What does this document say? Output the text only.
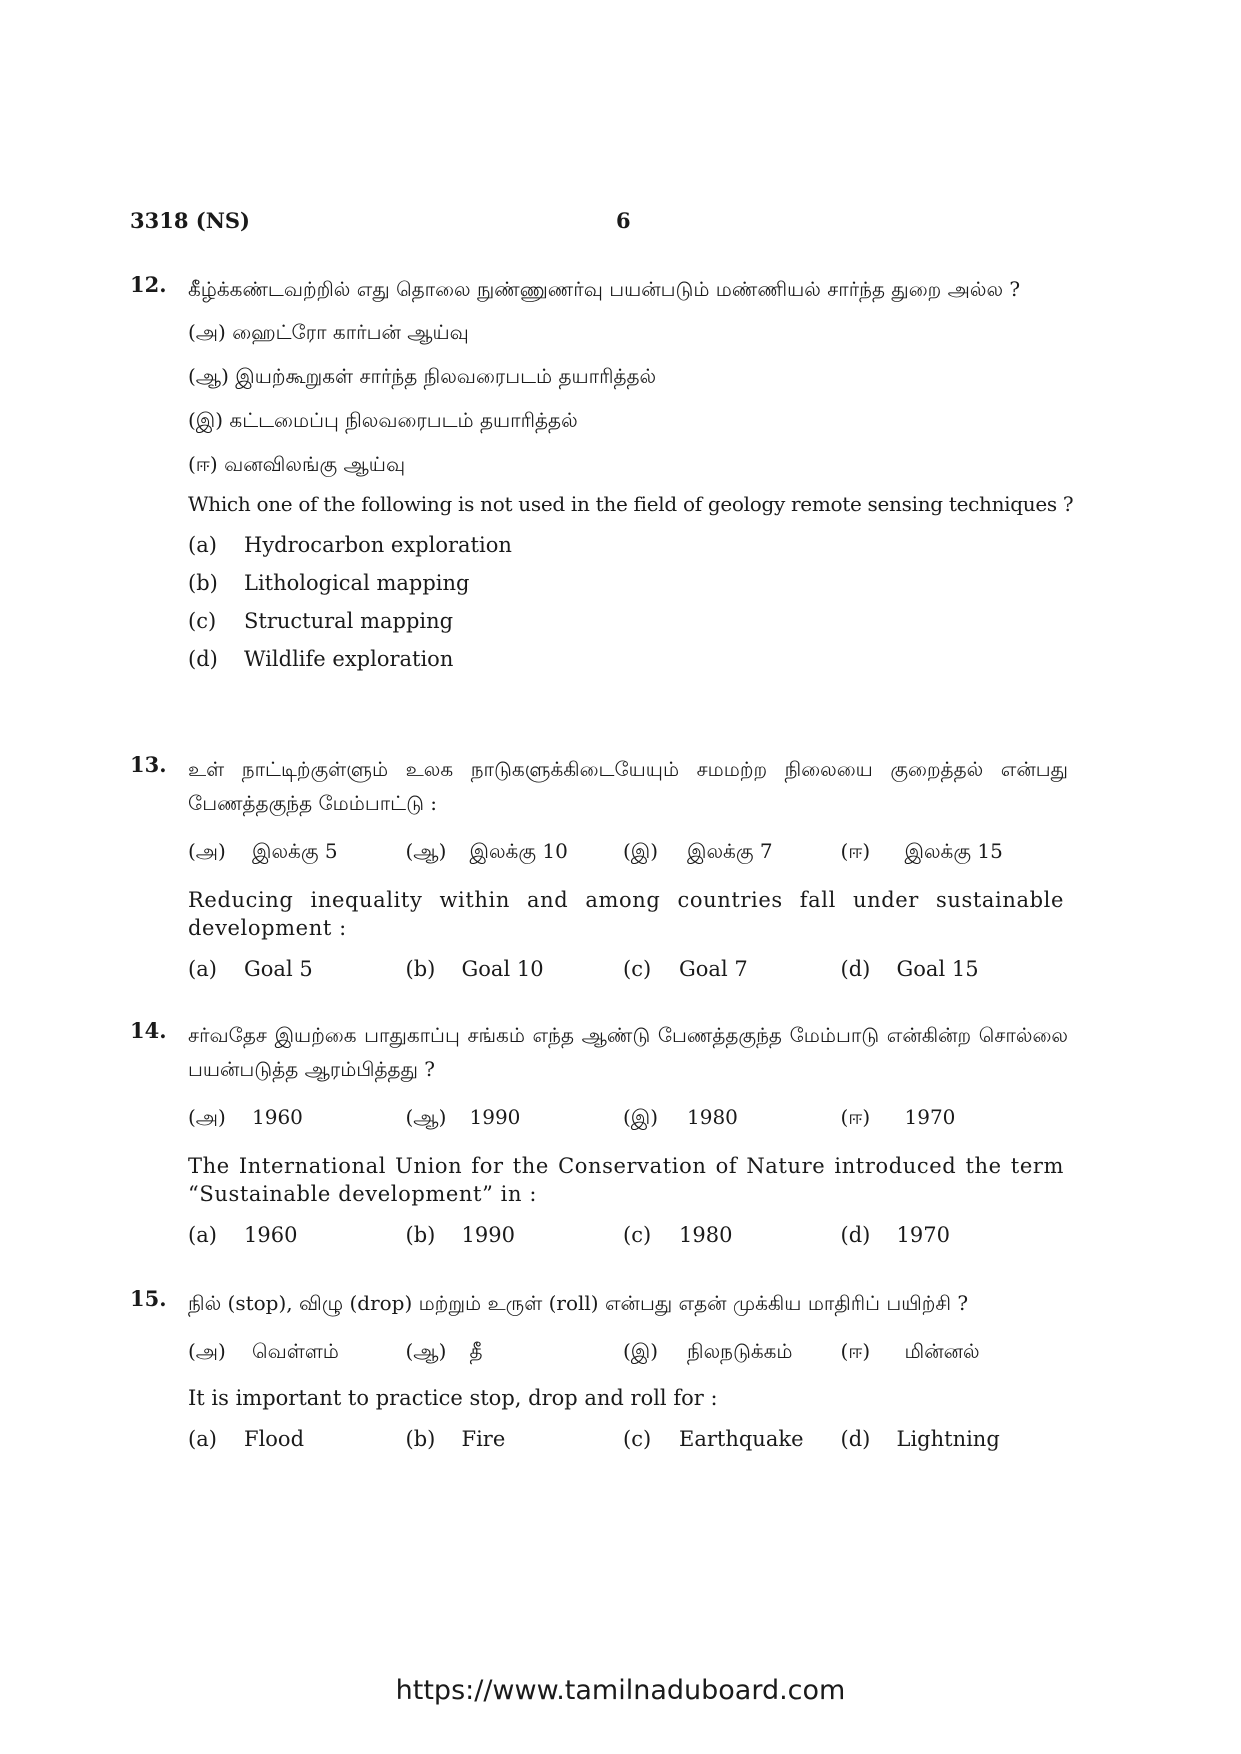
3318 (NS)	6
12. கீழ்க்கண்டவற்றில் எது தொலை நுண்ணுணர்வு பயன்படும் மண்ணியல் சார்ந்த துறை அல்ல ?

(அ) ஹைட்ரோ கார்பன் ஆய்வு

(ஆ) இயற்கூறுகள் சார்ந்த நிலவரைபடம் தயாரித்தல்

(இ) கட்டமைப்பு நிலவரைபடம் தயாரித்தல்

(ஈ) வனவிலங்கு ஆய்வு

Which one of the following is not used in the field of geology remote sensing techniques ?

(a)	Hydrocarbon exploration
(b)	Lithological mapping
(c)	Structural mapping
(d)	Wildlife exploration
13. உள் நாட்டிற்குள்ளும் உலக நாடுகளுக்கிடையேயும் சமமற்ற நிலையை குறைத்தல் என்பது பேணத்தகுந்த மேம்பாட்டு :

(அ)	இலக்கு 5	(ஆ)	இலக்கு 10	(இ)	இலக்கு 7	(ஈ)	இலக்கு 15

Reducing inequality within and among countries fall under sustainable development :

(a)	Goal 5	(b)	Goal 10	(c)	Goal 7	(d)	Goal 15
14. சர்வதேச இயற்கை பாதுகாப்பு சங்கம் எந்த ஆண்டு பேணத்தகுந்த மேம்பாடு என்கின்ற சொல்லை பயன்படுத்த ஆரம்பித்தது ?

(அ)	1960	(ஆ)	1990	(இ)	1980	(ஈ)	1970

The International Union for the Conservation of Nature introduced the term “Sustainable development” in :

(a)	1960	(b)	1990	(c)	1980	(d)	1970
15. நில் (stop), விழு (drop) மற்றும் உருள் (roll) என்பது எதன் முக்கிய மாதிரிப் பயிற்சி ?

(அ)	வெள்ளம்	(ஆ)	தீ	(இ)	நிலநடுக்கம் (ஈ)	மின்னல்

It is important to practice stop, drop and roll for :

(a)	Flood	(b)	Fire	(c)	Earthquake (d)	Lightning
https://www.tamilnaduboard.com
